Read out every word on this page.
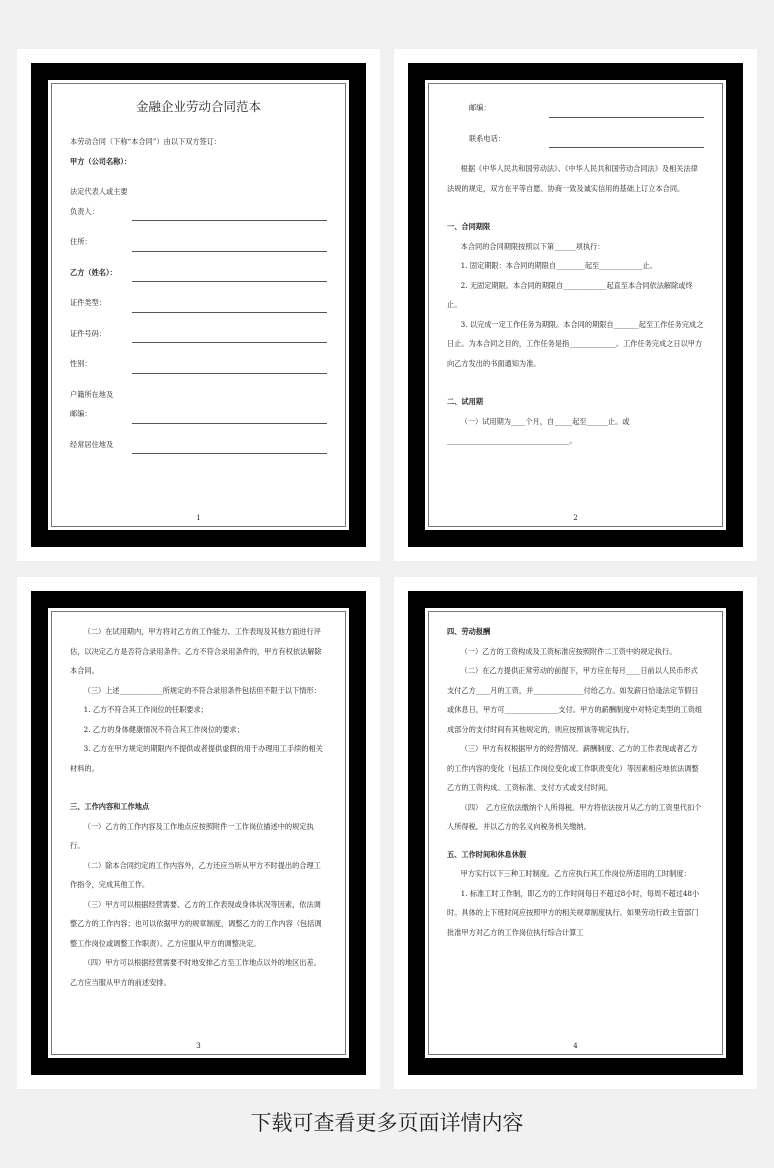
金融企业劳动合同范本
本劳动合同（下称“本合同”）由以下双方签订：
甲方（公司名称）：
法定代表人或主要
负责人：
住所：
乙方（姓名）：
证件类型：
证件号码：
性别：
户籍所在地及
邮编：
经常居住地及
1
邮编：
联系电话：
根据《中华人民共和国劳动法》、《中华人民共和国劳动合同法》及相关法律法规的规定，双方在平等自愿、协商一致及诚实信用的基础上订立本合同。
一、合同期限
本合同的合同期限按照以下第______项执行：
1. 固定期限：本合同的期限自________起至____________止。
2. 无固定期限。本合同的期限自____________起直至本合同依法解除或终止。
3. 以完成一定工作任务为期限。本合同的期限自_______起至工作任务完成之日止。为本合同之目的，工作任务是指_____________。工作任务完成之日以甲方向乙方发出的书面通知为准。
二、试用期
（一）试用期为____个月，自_____起至______止。或
__________________________________。
2
（二）在试用期内，甲方将对乙方的工作能力、工作表现及其他方面进行评估，以决定乙方是否符合录用条件。乙方不符合录用条件的，甲方有权依法解除本合同。
（三）上述____________所规定的不符合录用条件包括但不限于以下情形：
1. 乙方不符合其工作岗位的任职要求；
2. 乙方的身体健康情况不符合其工作岗位的要求；
3. 乙方在甲方规定的期限内不提供或者提供虚假的用于办理用工手续的相关材料的。
三、工作内容和工作地点
（一）乙方的工作内容及工作地点应按照附件一工作岗位描述中的规定执行。
（二）除本合同约定的工作内容外，乙方还应当听从甲方不时提出的合理工作指令，完成其他工作。
（三）甲方可以根据经营需要、乙方的工作表现或身体状况等因素，依法调整乙方的工作内容；也可以依据甲方的规章制度，调整乙方的工作内容（包括调整工作岗位或调整工作职责）。乙方应服从甲方的调整决定。
（四）甲方可以根据经营需要不时地安排乙方至工作地点以外的地区出差。乙方应当服从甲方的前述安排。
3
四、劳动报酬
（一）乙方的工资构成及工资标准应按照附件二工资中的规定执行。
（二）在乙方提供正常劳动的前提下，甲方应在每月____日前以人民币形式支付乙方____月的工资，并______________付给乙方。如发薪日恰逢法定节假日或休息日，甲方可_______________支付。甲方的薪酬制度中对特定类型的工资组成部分的支付时间有其他规定的，则应按照该等规定执行。
（三）甲方有权根据甲方的经营情况、薪酬制度、乙方的工作表现或者乙方的工作内容的变化（包括工作岗位变化或工作职责变化）等因素相应地依法调整乙方的工资构成、工资标准、支付方式或支付时间。
（四）　乙方应依法缴纳个人所得税。甲方将依法按月从乙方的工资里代扣个人所得税，并以乙方的名义向税务机关缴纳。
五、工作时间和休息休假
甲方实行以下三种工时制度。乙方应执行其工作岗位所适用的工时制度：
1. 标准工时工作制，即乙方的工作时间每日不超过8小时，每周不超过48小时。具体的上下班时间应按照甲方的相关规章制度执行。如果劳动行政主管部门批准甲方对乙方的工作岗位执行综合计算工
4
下载可查看更多页面详情内容
